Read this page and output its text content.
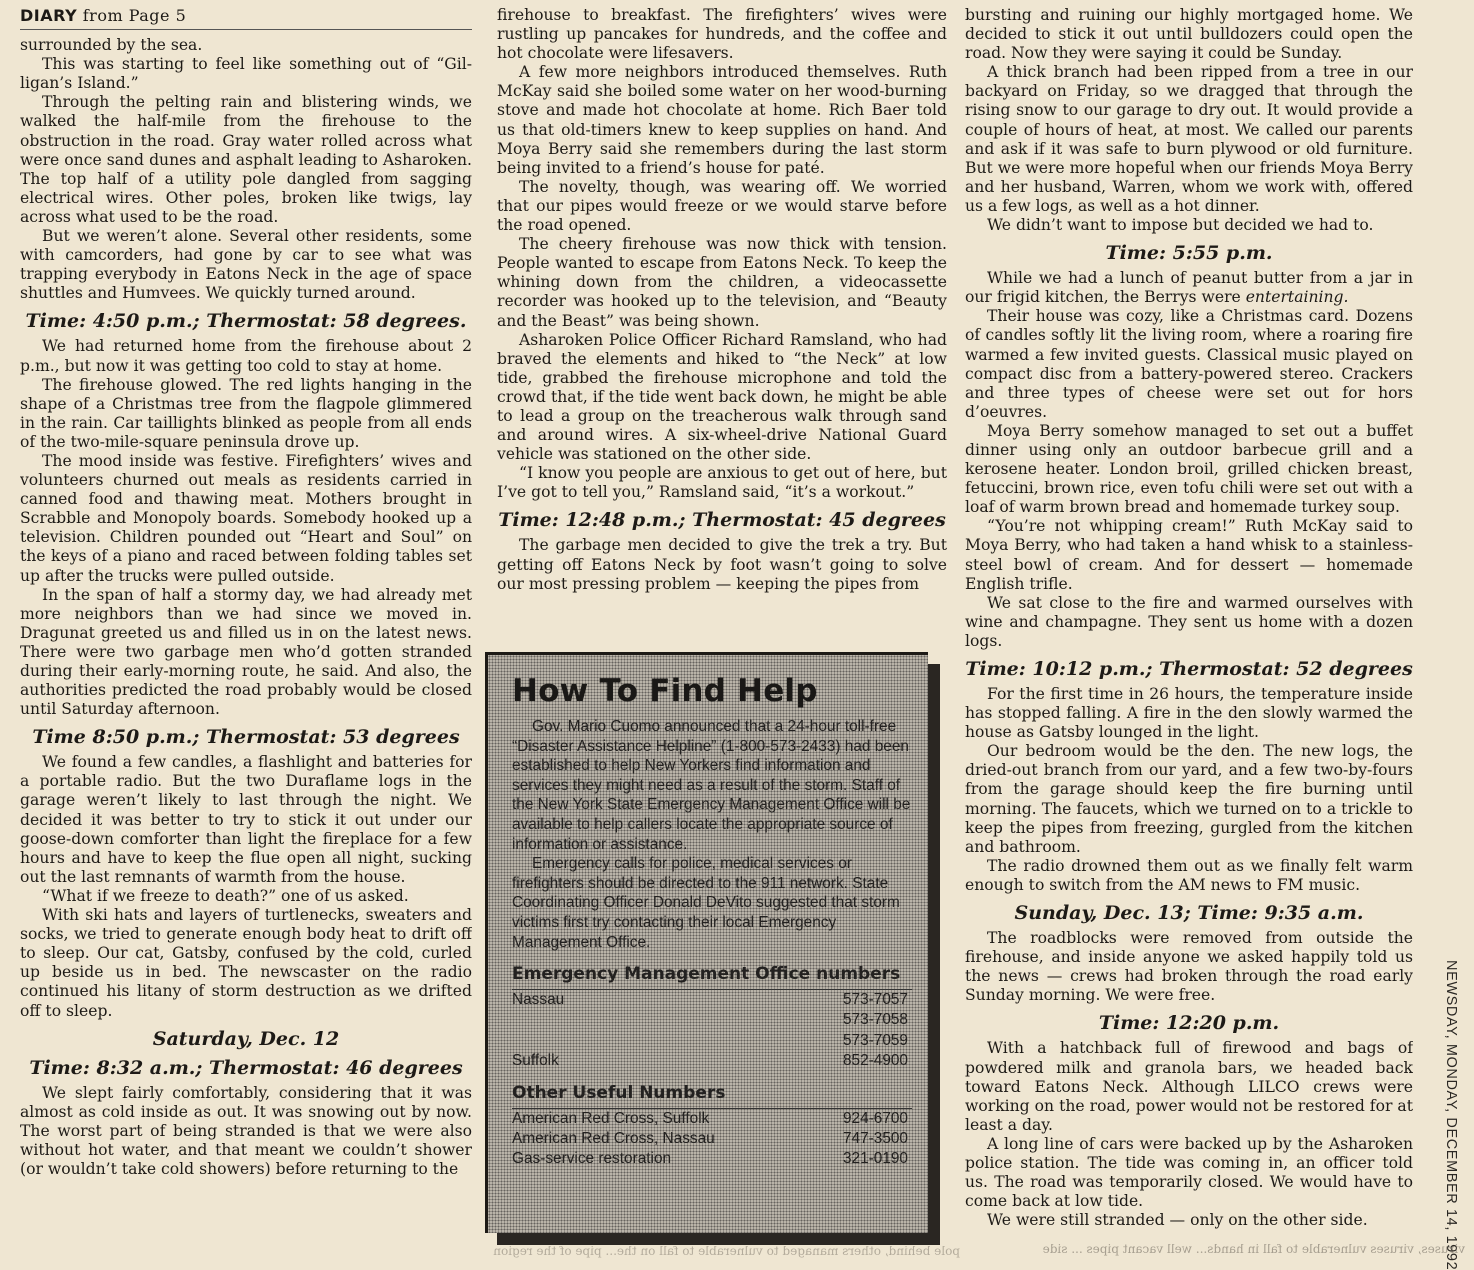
DIARY from Page 5

surrounded by the sea.

This was starting to feel like something out of “Gil-ligan’s Island.”

Through the pelting rain and blistering winds, we walked the half-mile from the firehouse to the obstruction in the road. Gray water rolled across what were once sand dunes and asphalt leading to Asharoken. The top half of a utility pole dangled from sagging electrical wires. Other poles, broken like twigs, lay across what used to be the road.

But we weren’t alone. Several other residents, some with camcorders, had gone by car to see what was trapping everybody in Eatons Neck in the age of space shuttles and Humvees. We quickly turned around.

Time: 4:50 p.m.; Thermostat: 58 degrees.

We had returned home from the firehouse about 2 p.m., but now it was getting too cold to stay at home.

The firehouse glowed. The red lights hanging in the shape of a Christmas tree from the flagpole glimmered in the rain. Car taillights blinked as people from all ends of the two-mile-square peninsula drove up.

The mood inside was festive. Firefighters’ wives and volunteers churned out meals as residents carried in canned food and thawing meat. Mothers brought in Scrabble and Monopoly boards. Somebody hooked up a television. Children pounded out “Heart and Soul” on the keys of a piano and raced between folding tables set up after the trucks were pulled outside.

In the span of half a stormy day, we had already met more neighbors than we had since we moved in. Dragunat greeted us and filled us in on the latest news. There were two garbage men who’d gotten stranded during their early-morning route, he said. And also, the authorities predicted the road probably would be closed until Saturday afternoon.

Time 8:50 p.m.; Thermostat: 53 degrees

We found a few candles, a flashlight and batteries for a portable radio. But the two Duraflame logs in the garage weren’t likely to last through the night. We decided it was better to try to stick it out under our goose-down comforter than light the fireplace for a few hours and have to keep the flue open all night, sucking out the last remnants of warmth from the house.

“What if we freeze to death?” one of us asked.

With ski hats and layers of turtlenecks, sweaters and socks, we tried to generate enough body heat to drift off to sleep. Our cat, Gatsby, confused by the cold, curled up beside us in bed. The newscaster on the radio continued his litany of storm destruction as we drifted off to sleep.

Saturday, Dec. 12
Time: 8:32 a.m.; Thermostat: 46 degrees

We slept fairly comfortably, considering that it was almost as cold inside as out. It was snowing out by now. The worst part of being stranded is that we were also without hot water, and that meant we couldn’t shower (or wouldn’t take cold showers) before returning to the

firehouse to breakfast. The firefighters’ wives were rustling up pancakes for hundreds, and the coffee and hot chocolate were lifesavers.

A few more neighbors introduced themselves. Ruth McKay said she boiled some water on her wood-burning stove and made hot chocolate at home. Rich Baer told us that old-timers knew to keep supplies on hand. And Moya Berry said she remembers during the last storm being invited to a friend’s house for paté.

The novelty, though, was wearing off. We worried that our pipes would freeze or we would starve before the road opened.

The cheery firehouse was now thick with tension. People wanted to escape from Eatons Neck. To keep the whining down from the children, a videocassette recorder was hooked up to the television, and “Beauty and the Beast” was being shown.

Asharoken Police Officer Richard Ramsland, who had braved the elements and hiked to “the Neck” at low tide, grabbed the firehouse microphone and told the crowd that, if the tide went back down, he might be able to lead a group on the treacherous walk through sand and around wires. A six-wheel-drive National Guard vehicle was stationed on the other side.

“I know you people are anxious to get out of here, but I’ve got to tell you,” Ramsland said, “it’s a workout.”

Time: 12:48 p.m.; Thermostat: 45 degrees

The garbage men decided to give the trek a try. But getting off Eatons Neck by foot wasn’t going to solve our most pressing problem — keeping the pipes from

How To Find Help

Gov. Mario Cuomo announced that a 24-hour toll-free “Disaster Assistance Helpline” (1-800-573-2433) had been established to help New Yorkers find information and services they might need as a result of the storm. Staff of the New York State Emergency Management Office will be available to help callers locate the appropriate source of information or assistance.

Emergency calls for police, medical services or firefighters should be directed to the 911 network. State Coordinating Officer Donald DeVito suggested that storm victims first try contacting their local Emergency Management Office.

Emergency Management Office numbers
Nassau	573-7057
	573-7058
	573-7059
Suffolk	852-4900
Other Useful Numbers
American Red Cross, Suffolk	924-6700
American Red Cross, Nassau	747-3500
Gas-service restoration	321-0190

bursting and ruining our highly mortgaged home. We decided to stick it out until bulldozers could open the road. Now they were saying it could be Sunday.

A thick branch had been ripped from a tree in our backyard on Friday, so we dragged that through the rising snow to our garage to dry out. It would provide a couple of hours of heat, at most. We called our parents and ask if it was safe to burn plywood or old furniture. But we were more hopeful when our friends Moya Berry and her husband, Warren, whom we work with, offered us a few logs, as well as a hot dinner.

We didn’t want to impose but decided we had to.

Time: 5:55 p.m.

While we had a lunch of peanut butter from a jar in our frigid kitchen, the Berrys were entertaining.

Their house was cozy, like a Christmas card. Dozens of candles softly lit the living room, where a roaring fire warmed a few invited guests. Classical music played on compact disc from a battery-powered stereo. Crackers and three types of cheese were set out for hors d’oeuvres.

Moya Berry somehow managed to set out a buffet dinner using only an outdoor barbecue grill and a kerosene heater. London broil, grilled chicken breast, fetuccini, brown rice, even tofu chili were set out with a loaf of warm brown bread and homemade turkey soup.

“You’re not whipping cream!” Ruth McKay said to Moya Berry, who had taken a hand whisk to a stainless-steel bowl of cream. And for dessert — homemade English trifle.

We sat close to the fire and warmed ourselves with wine and champagne. They sent us home with a dozen logs.

Time: 10:12 p.m.; Thermostat: 52 degrees

For the first time in 26 hours, the temperature inside has stopped falling. A fire in the den slowly warmed the house as Gatsby lounged in the light.

Our bedroom would be the den. The new logs, the dried-out branch from our yard, and a few two-by-fours from the garage should keep the fire burning until morning. The faucets, which we turned on to a trickle to keep the pipes from freezing, gurgled from the kitchen and bathroom.

The radio drowned them out as we finally felt warm enough to switch from the AM news to FM music.

Sunday, Dec. 13; Time: 9:35 a.m.

The roadblocks were removed from outside the firehouse, and inside anyone we asked happily told us the news — crews had broken through the road early Sunday morning. We were free.

Time: 12:20 p.m.

With a hatchback full of firewood and bags of powdered milk and granola bars, we headed back toward Eatons Neck. Although LILCO crews were working on the road, power would not be restored for at least a day.

A long line of cars were backed up by the Asharoken police station. The tide was coming in, an officer told us. The road was temporarily closed. We would have to come back at low tide.

We were still stranded — only on the other side.	NEWSDAY, MONDAY, DECEMBER 14, 1992
viruses, viruses vulnerable to fall in hands... well vacant pipes ... side
pole behind, others managed to vulnerable to fall on the... pipe of the region
